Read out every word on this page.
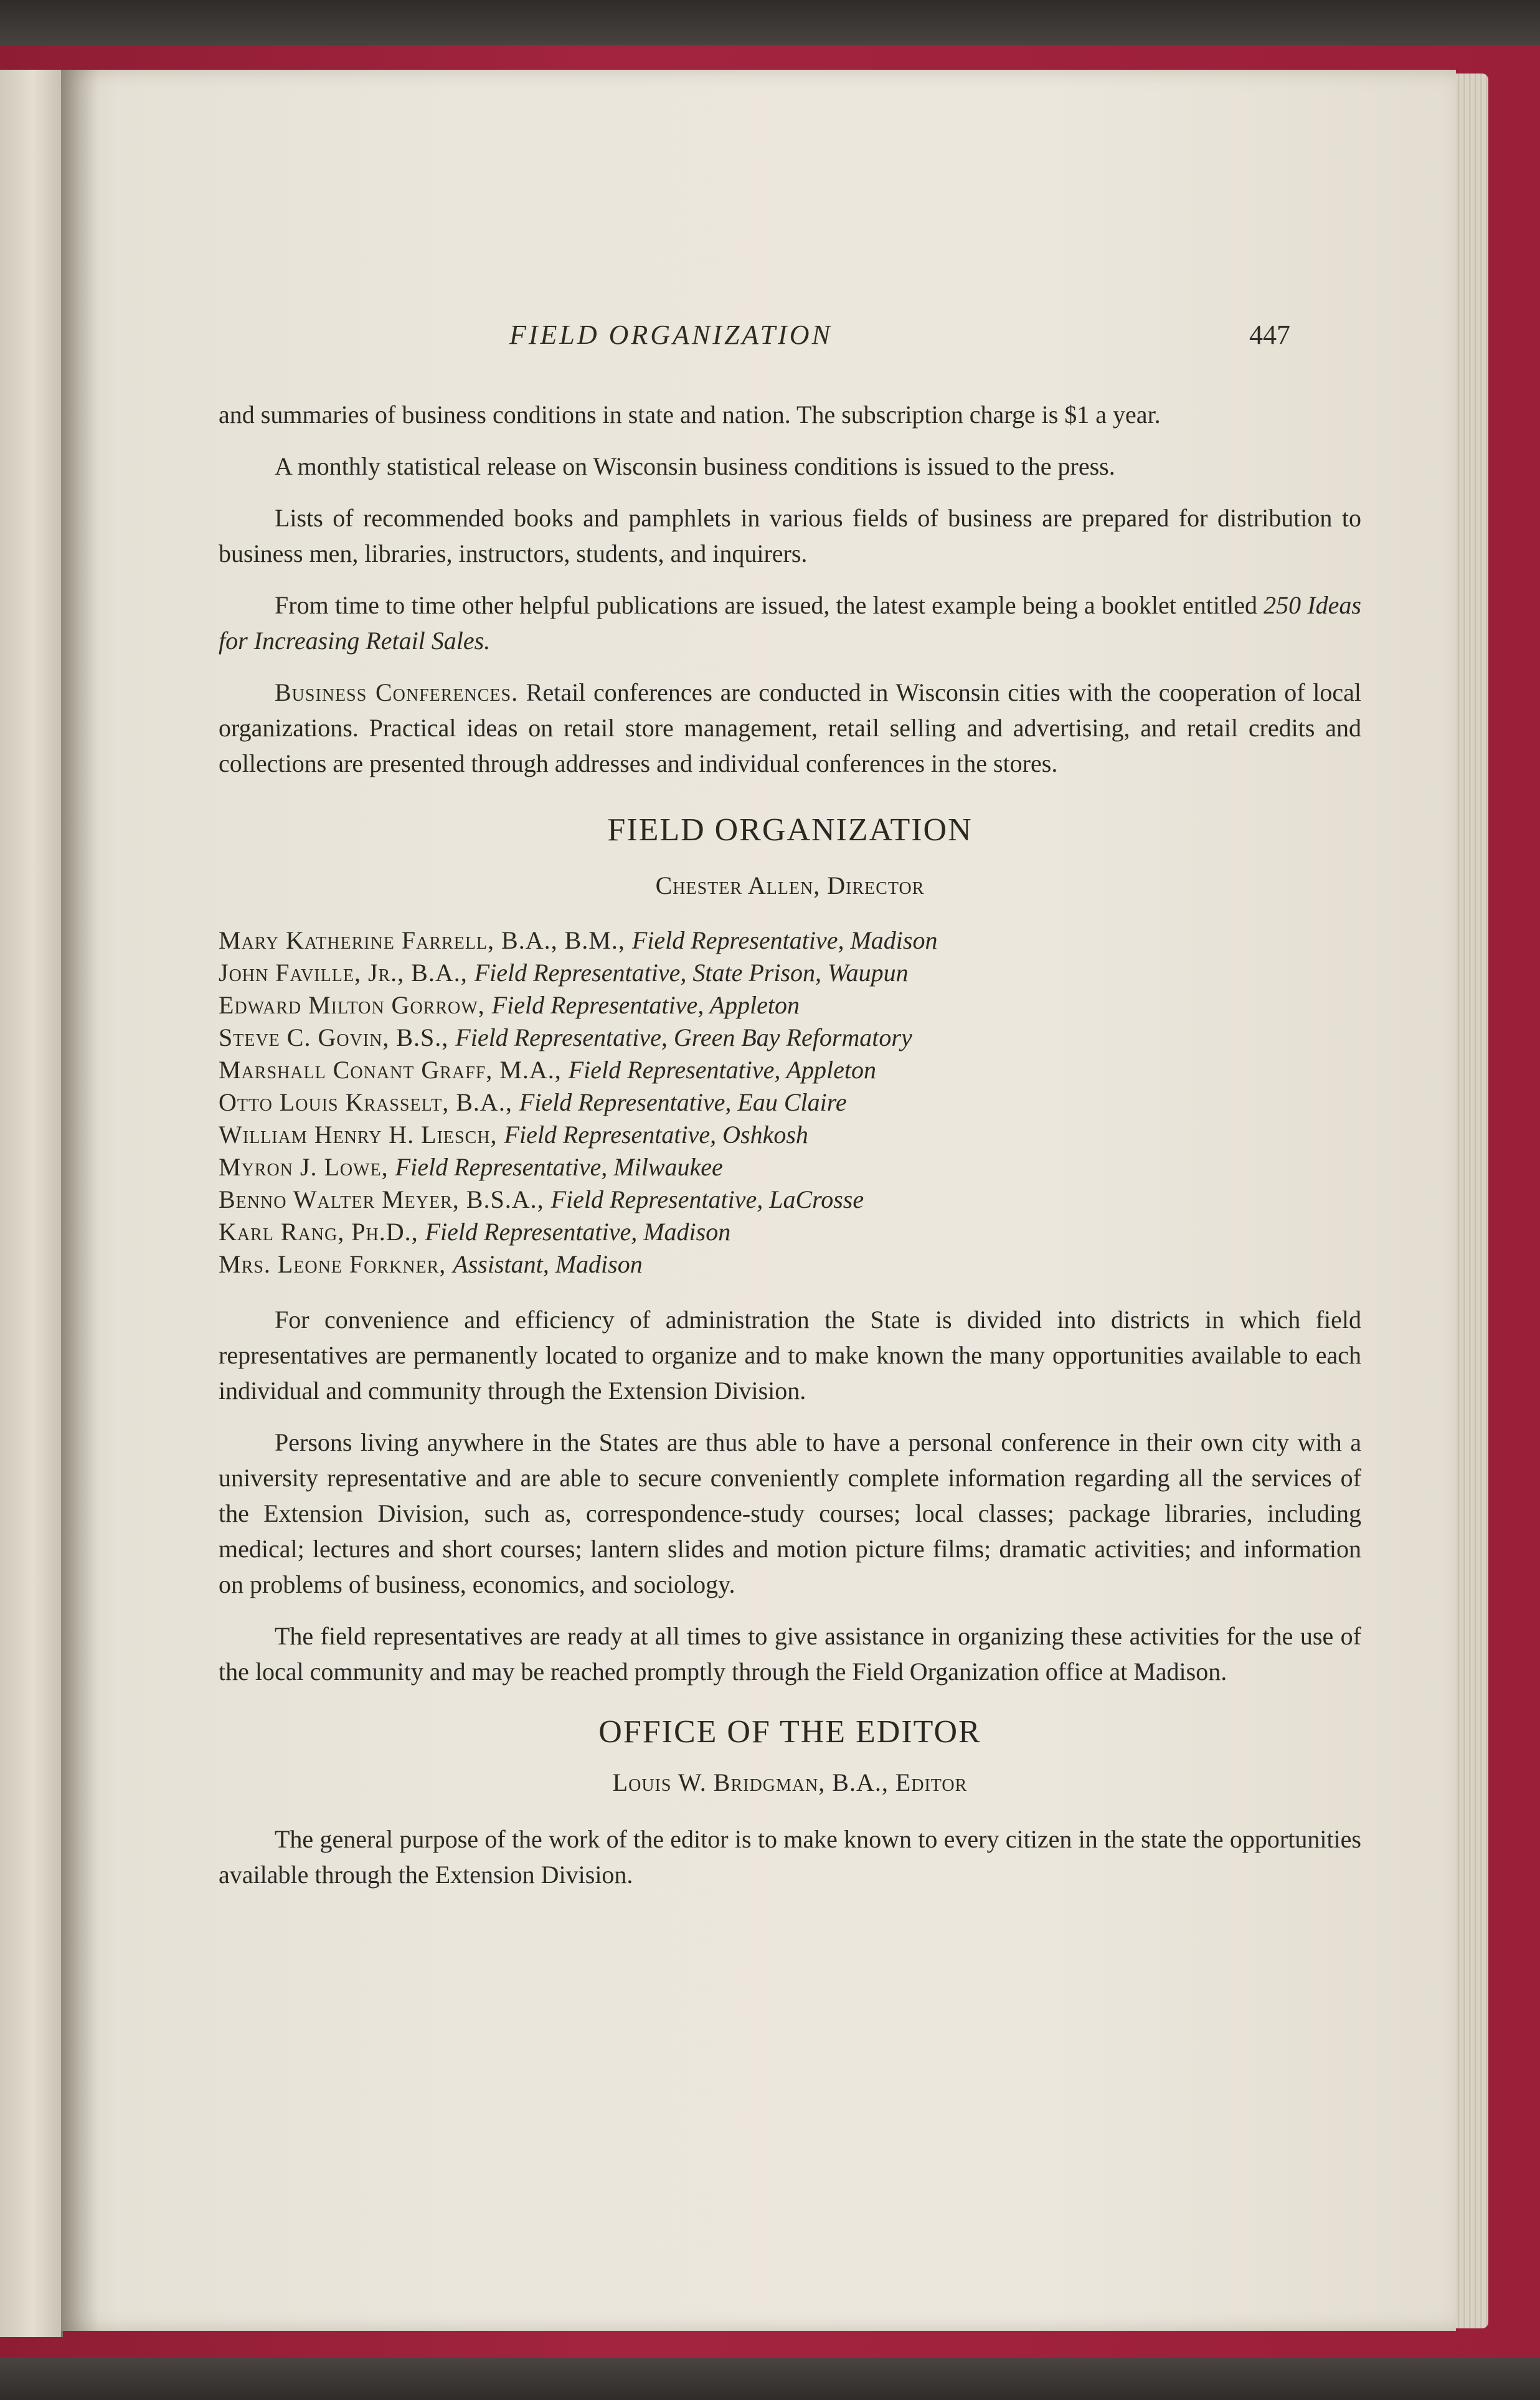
FIELD ORGANIZATION	447

and summaries of business conditions in state and nation. The subscription charge is $1 a year.

A monthly statistical release on Wisconsin business conditions is issued to the press.

Lists of recommended books and pamphlets in various fields of business are prepared for distribution to business men, libraries, instructors, students, and inquirers.

From time to time other helpful publications are issued, the latest example being a booklet entitled 250 Ideas for Increasing Retail Sales.

Business Conferences. Retail conferences are conducted in Wisconsin cities with the cooperation of local organizations. Practical ideas on retail store management, retail selling and advertising, and retail credits and collections are presented through addresses and individual conferences in the stores.

FIELD ORGANIZATION
Chester Allen, Director
Mary Katherine Farrell, B.A., B.M., Field Representative, Madison
John Faville, Jr., B.A., Field Representative, State Prison, Waupun
Edward Milton Gorrow, Field Representative, Appleton
Steve C. Govin, B.S., Field Representative, Green Bay Reformatory
Marshall Conant Graff, M.A., Field Representative, Appleton
Otto Louis Krasselt, B.A., Field Representative, Eau Claire
William Henry H. Liesch, Field Representative, Oshkosh
Myron J. Lowe, Field Representative, Milwaukee
Benno Walter Meyer, B.S.A., Field Representative, LaCrosse
Karl Rang, Ph.D., Field Representative, Madison
Mrs. Leone Forkner, Assistant, Madison

For convenience and efficiency of administration the State is divided into districts in which field representatives are permanently located to organize and to make known the many opportunities available to each individual and community through the Extension Division.

Persons living anywhere in the States are thus able to have a personal conference in their own city with a university representative and are able to secure conveniently complete information regarding all the services of the Extension Division, such as, correspondence-study courses; local classes; package libraries, including medical; lectures and short courses; lantern slides and motion picture films; dramatic activities; and information on problems of business, economics, and sociology.

The field representatives are ready at all times to give assistance in organizing these activities for the use of the local community and may be reached promptly through the Field Organization office at Madison.

OFFICE OF THE EDITOR
Louis W. Bridgman, B.A., Editor

The general purpose of the work of the editor is to make known to every citizen in the state the opportunities available through the Extension Division.
